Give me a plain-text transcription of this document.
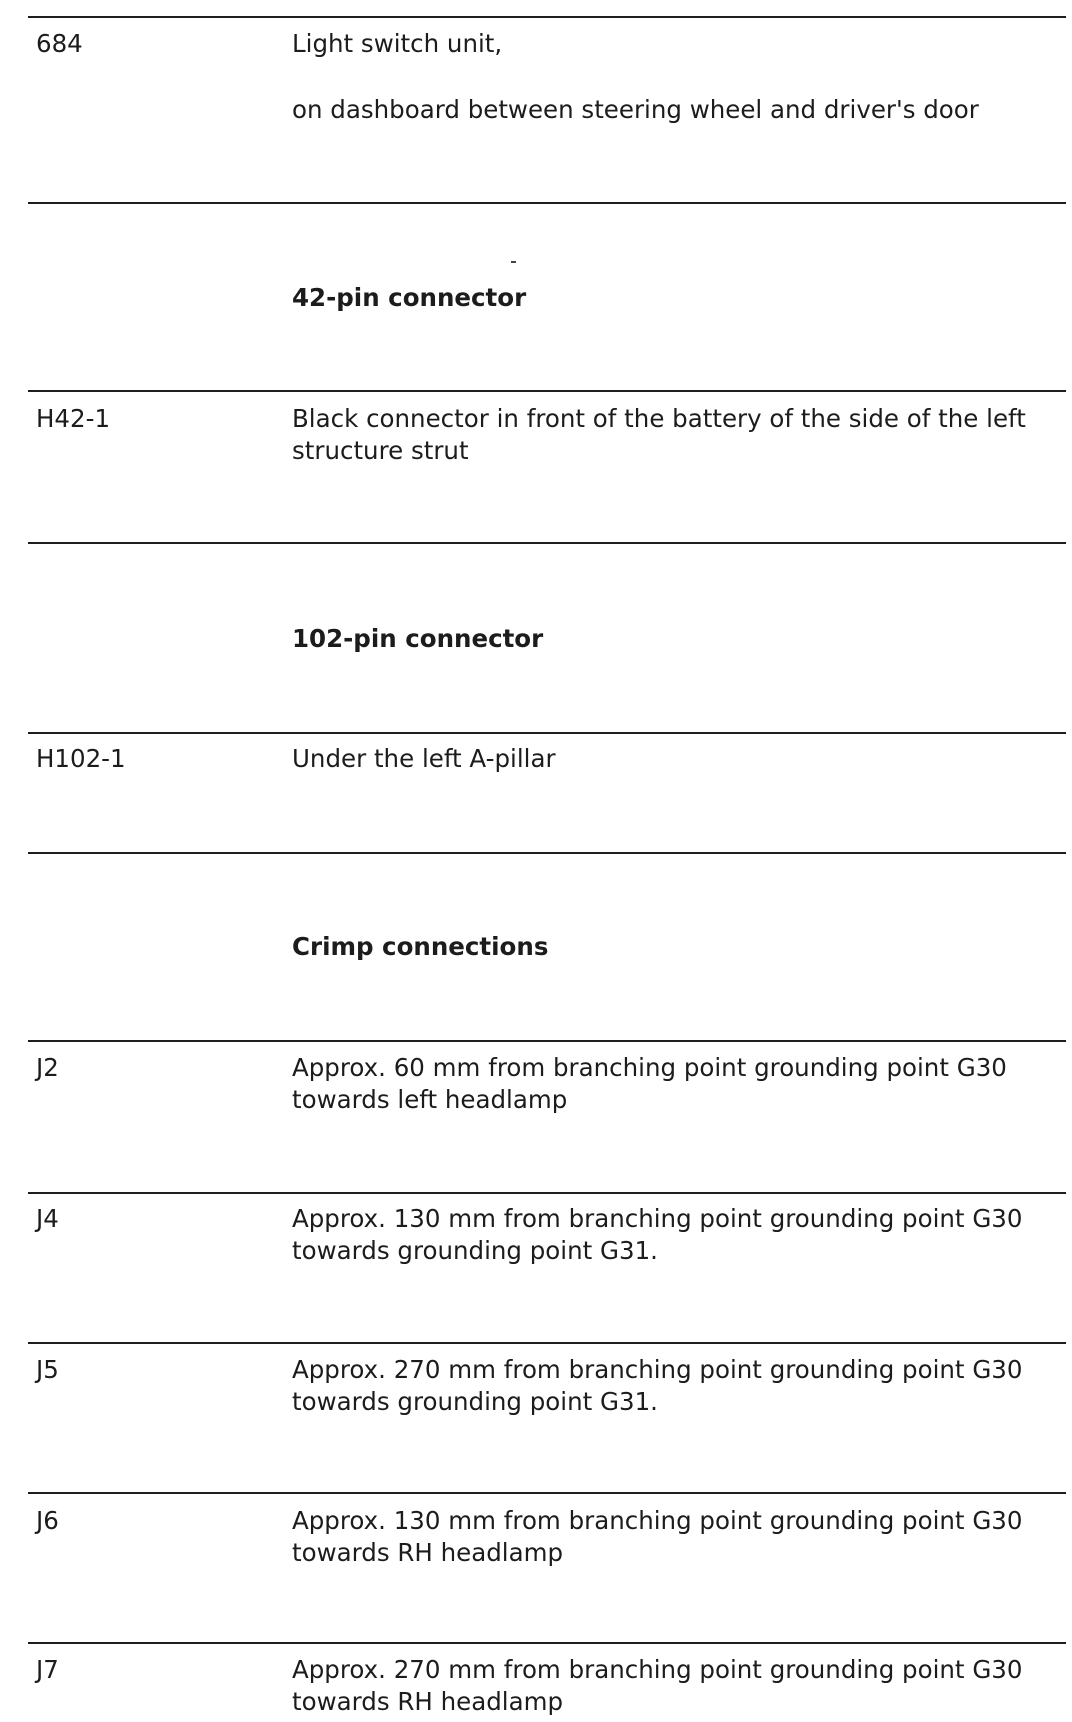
684	Light switch unit,
on dashboard between steering wheel and driver's door
42-pin connector
H42-1	Black connector in front of the battery of the side of the left structure strut
102-pin connector
H102-1	Under the left A-pillar
Crimp connections
J2	Approx. 60 mm from branching point grounding point G30 towards left headlamp
J4	Approx. 130 mm from branching point grounding point G30 towards grounding point G31.
J5	Approx. 270 mm from branching point grounding point G30 towards grounding point G31.
J6	Approx. 130 mm from branching point grounding point G30 towards RH headlamp
J7	Approx. 270 mm from branching point grounding point G30 towards RH headlamp
